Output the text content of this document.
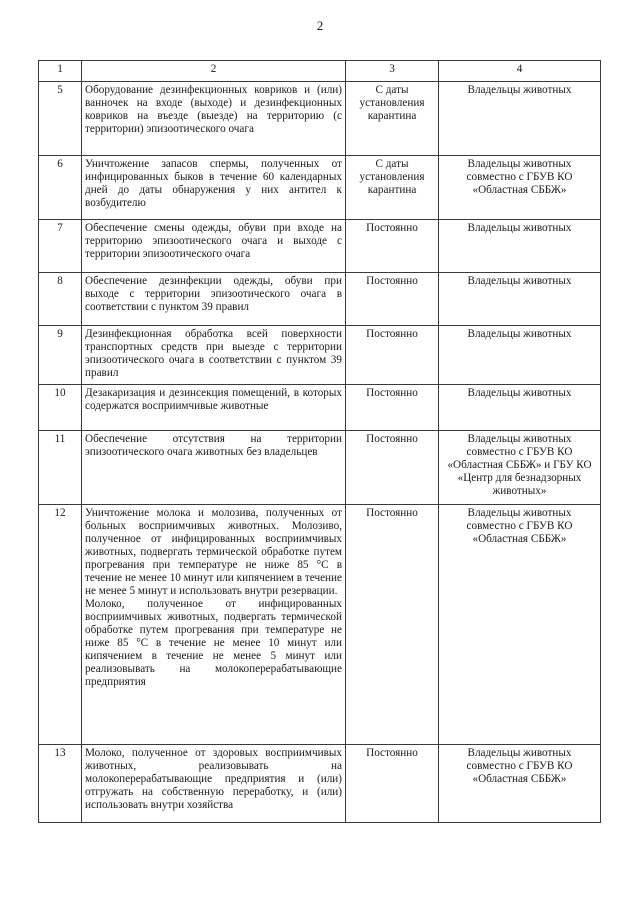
2
1	2	3	4
5	Оборудование дезинфекционных ковриков и (или) ванночек на входе (выходе) и дезинфекционных ковриков на въезде (выезде) на территорию (с территории) эпизоотического очага	С даты установления карантина	Владельцы животных
6	Уничтожение запасов спермы, полученных от инфицированных быков в течение 60 календарных дней до даты обнаружения у них антител к возбудителю	С даты установления карантина	Владельцы животных совместно с ГБУВ КО «Областная СББЖ»
7	Обеспечение смены одежды, обуви при входе на территорию эпизоотического очага и выходе с территории эпизоотического очага	Постоянно	Владельцы животных
8	Обеспечение дезинфекции одежды, обуви при выходе с территории эпизоотического очага в соответствии с пунктом 39 правил	Постоянно	Владельцы животных
9	Дезинфекционная обработка всей поверхности транспортных средств при выезде с территории эпизоотического очага в соответствии с пунктом 39 правил	Постоянно	Владельцы животных
10	Дезакаризация и дезинсекция помещений, в которых содержатся восприимчивые животные	Постоянно	Владельцы животных
11	Обеспечение отсутствия на территории эпизоотического очага животных без владельцев	Постоянно	Владельцы животных совместно с ГБУВ КО «Областная СББЖ» и ГБУ КО «Центр для безнадзорных животных»
12	Уничтожение молока и молозива, полученных от больных восприимчивых животных. Молозиво, полученное от инфицированных восприимчивых животных, подвергать термической обработке путем прогревания при температуре не ниже 85 °С в течение не менее 10 минут или кипячением в течение не менее 5 минут и использовать внутри резервации.
Молоко, полученное от инфицированных восприимчивых животных, подвергать термической обработке путем прогревания при температуре не ниже 85 °С в течение не менее 10 минут или кипячением в течение не менее 5 минут или реализовывать на молокоперерабатывающие предприятия	Постоянно	Владельцы животных совместно с ГБУВ КО «Областная СББЖ»
13	Молоко, полученное от здоровых восприимчивых животных, реализовывать на молокоперерабатывающие предприятия и (или) отгружать на собственную переработку, и (или) использовать внутри хозяйства	Постоянно	Владельцы животных совместно с ГБУВ КО «Областная СББЖ»
